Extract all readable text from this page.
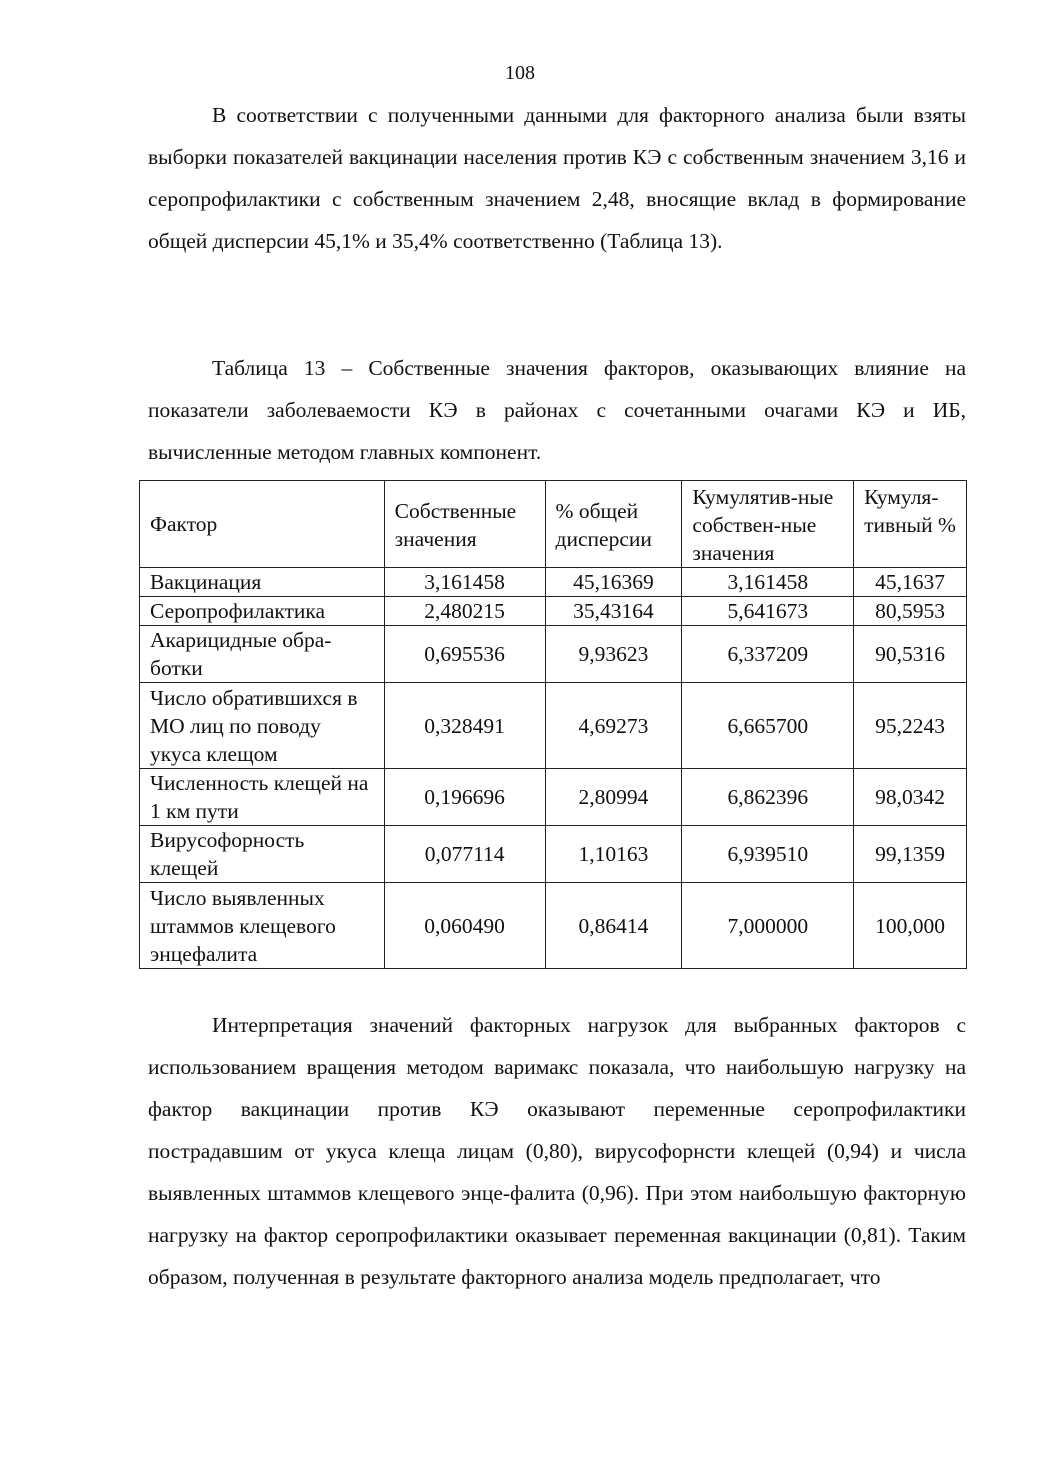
108

В соответствии с полученными данными для факторного анализа были взяты выборки показателей вакцинации населения против КЭ с собственным значением 3,16 и серопрофилактики с собственным значением 2,48, вносящие вклад в формирование общей дисперсии 45,1% и 35,4% соответственно (Таблица 13).

Таблица 13 – Собственные значения факторов, оказывающих влияние на показатели заболеваемости КЭ в районах с сочетанными очагами КЭ и ИБ, вычисленные методом главных компонент.

Фактор	Собственные значения	% общей дисперсии	Кумулятив-ные собствен-ные значения	Кумуля-тивный %
Вакцинация	3,161458	45,16369	3,161458	45,1637
Серопрофилактика	2,480215	35,43164	5,641673	80,5953
Акарицидные обра-ботки	0,695536	9,93623	6,337209	90,5316
Число обратившихся в МО лиц по поводу укуса клещом	0,328491	4,69273	6,665700	95,2243
Численность клещей на 1 км пути	0,196696	2,80994	6,862396	98,0342
Вирусофорность клещей	0,077114	1,10163	6,939510	99,1359
Число выявленных штаммов клещевого энцефалита	0,060490	0,86414	7,000000	100,000

Интерпретация значений факторных нагрузок для выбранных факторов с использованием вращения методом варимакс показала, что наибольшую нагрузку на фактор вакцинации против КЭ оказывают переменные серопрофилактики пострадавшим от укуса клеща лицам (0,80), вирусофорнсти клещей (0,94) и числа выявленных штаммов клещевого энце-фалита (0,96). При этом наибольшую факторную нагрузку на фактор серопрофилактики оказывает переменная вакцинации (0,81). Таким образом, полученная в результате факторного анализа модель предполагает, что
